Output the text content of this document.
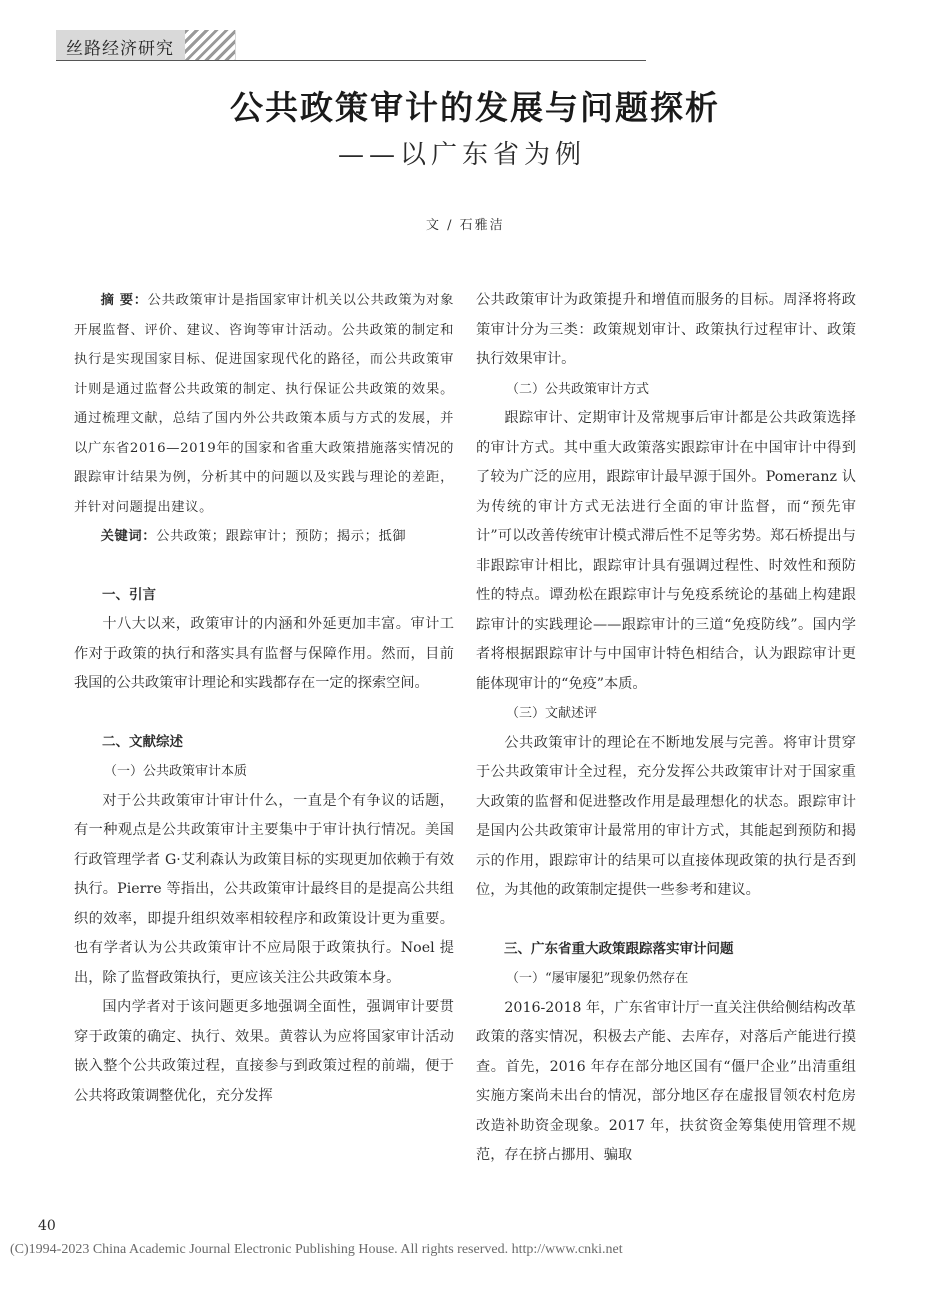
丝路经济研究
公共政策审计的发展与问题探析
——以广东省为例
文 / 石雅洁

摘 要：公共政策审计是指国家审计机关以公共政策为对象开展监督、评价、建议、咨询等审计活动。公共政策的制定和执行是实现国家目标、促进国家现代化的路径，而公共政策审计则是通过监督公共政策的制定、执行保证公共政策的效果。通过梳理文献，总结了国内外公共政策本质与方式的发展，并以广东省2016—2019年的国家和省重大政策措施落实情况的跟踪审计结果为例，分析其中的问题以及实践与理论的差距，并针对问题提出建议。

关键词：公共政策；跟踪审计；预防；揭示；抵御

一、引言

十八大以来，政策审计的内涵和外延更加丰富。审计工作对于政策的执行和落实具有监督与保障作用。然而，目前我国的公共政策审计理论和实践都存在一定的探索空间。

二、文献综述

（一）公共政策审计本质

对于公共政策审计审计什么，一直是个有争议的话题，有一种观点是公共政策审计主要集中于审计执行情况。美国行政管理学者 G·艾利森认为政策目标的实现更加依赖于有效执行。Pierre 等指出，公共政策审计最终目的是提高公共组织的效率，即提升组织效率相较程序和政策设计更为重要。也有学者认为公共政策审计不应局限于政策执行。Noel 提出，除了监督政策执行，更应该关注公共政策本身。

国内学者对于该问题更多地强调全面性，强调审计要贯穿于政策的确定、执行、效果。黄蓉认为应将国家审计活动嵌入整个公共政策过程，直接参与到政策过程的前端，便于公共将政策调整优化，充分发挥

公共政策审计为政策提升和增值而服务的目标。周泽将将政策审计分为三类：政策规划审计、政策执行过程审计、政策执行效果审计。

（二）公共政策审计方式

跟踪审计、定期审计及常规事后审计都是公共政策选择的审计方式。其中重大政策落实跟踪审计在中国审计中得到了较为广泛的应用，跟踪审计最早源于国外。Pomeranz 认为传统的审计方式无法进行全面的审计监督，而“预先审计”可以改善传统审计模式滞后性不足等劣势。郑石桥提出与非跟踪审计相比，跟踪审计具有强调过程性、时效性和预防性的特点。谭劲松在跟踪审计与免疫系统论的基础上构建跟踪审计的实践理论——跟踪审计的三道“免疫防线”。国内学者将根据跟踪审计与中国审计特色相结合，认为跟踪审计更能体现审计的“免疫”本质。

（三）文献述评

公共政策审计的理论在不断地发展与完善。将审计贯穿于公共政策审计全过程，充分发挥公共政策审计对于国家重大政策的监督和促进整改作用是最理想化的状态。跟踪审计是国内公共政策审计最常用的审计方式，其能起到预防和揭示的作用，跟踪审计的结果可以直接体现政策的执行是否到位，为其他的政策制定提供一些参考和建议。

三、广东省重大政策跟踪落实审计问题

（一）“屡审屡犯”现象仍然存在

2016-2018 年，广东省审计厅一直关注供给侧结构改革政策的落实情况，积极去产能、去库存，对落后产能进行摸查。首先，2016 年存在部分地区国有“僵尸企业”出清重组实施方案尚未出台的情况，部分地区存在虚报冒领农村危房改造补助资金现象。2017 年，扶贫资金筹集使用管理不规范，存在挤占挪用、骗取

40
(C)1994-2023 China Academic Journal Electronic Publishing House. All rights reserved. http://www.cnki.net
